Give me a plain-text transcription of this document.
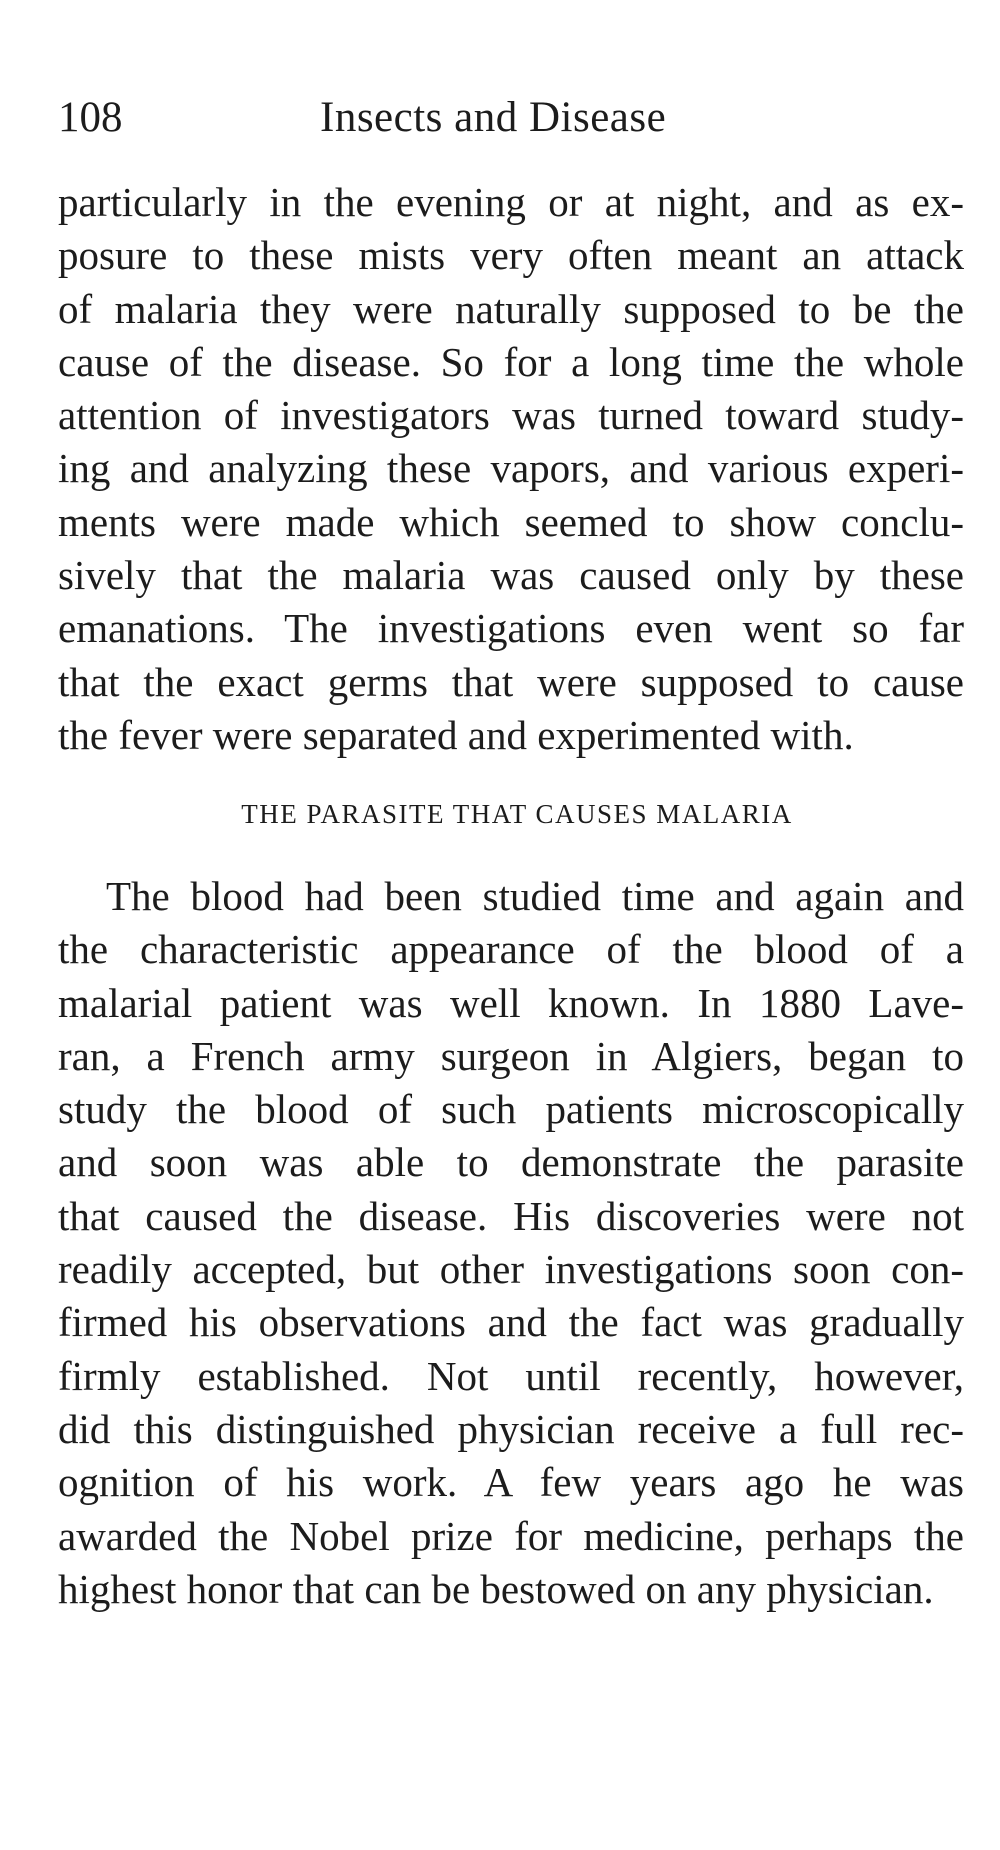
108	Insects and Disease
particularly in the evening or at night, and as ex-
posure to these mists very often meant an attack
of malaria they were naturally supposed to be the
cause of the disease. So for a long time the whole
attention of investigators was turned toward study-
ing and analyzing these vapors, and various experi-
ments were made which seemed to show conclu-
sively that the malaria was caused only by these
emanations. The investigations even went so far
that the exact germs that were supposed to cause
the fever were separated and experimented with.
THE PARASITE THAT CAUSES MALARIA
The blood had been studied time and again and
the characteristic appearance of the blood of a
malarial patient was well known. In 1880 Lave-
ran, a French army surgeon in Algiers, began to
study the blood of such patients microscopically
and soon was able to demonstrate the parasite
that caused the disease. His discoveries were not
readily accepted, but other investigations soon con-
firmed his observations and the fact was gradually
firmly established. Not until recently, however,
did this distinguished physician receive a full rec-
ognition of his work. A few years ago he was
awarded the Nobel prize for medicine, perhaps the
highest honor that can be bestowed on any physician.
